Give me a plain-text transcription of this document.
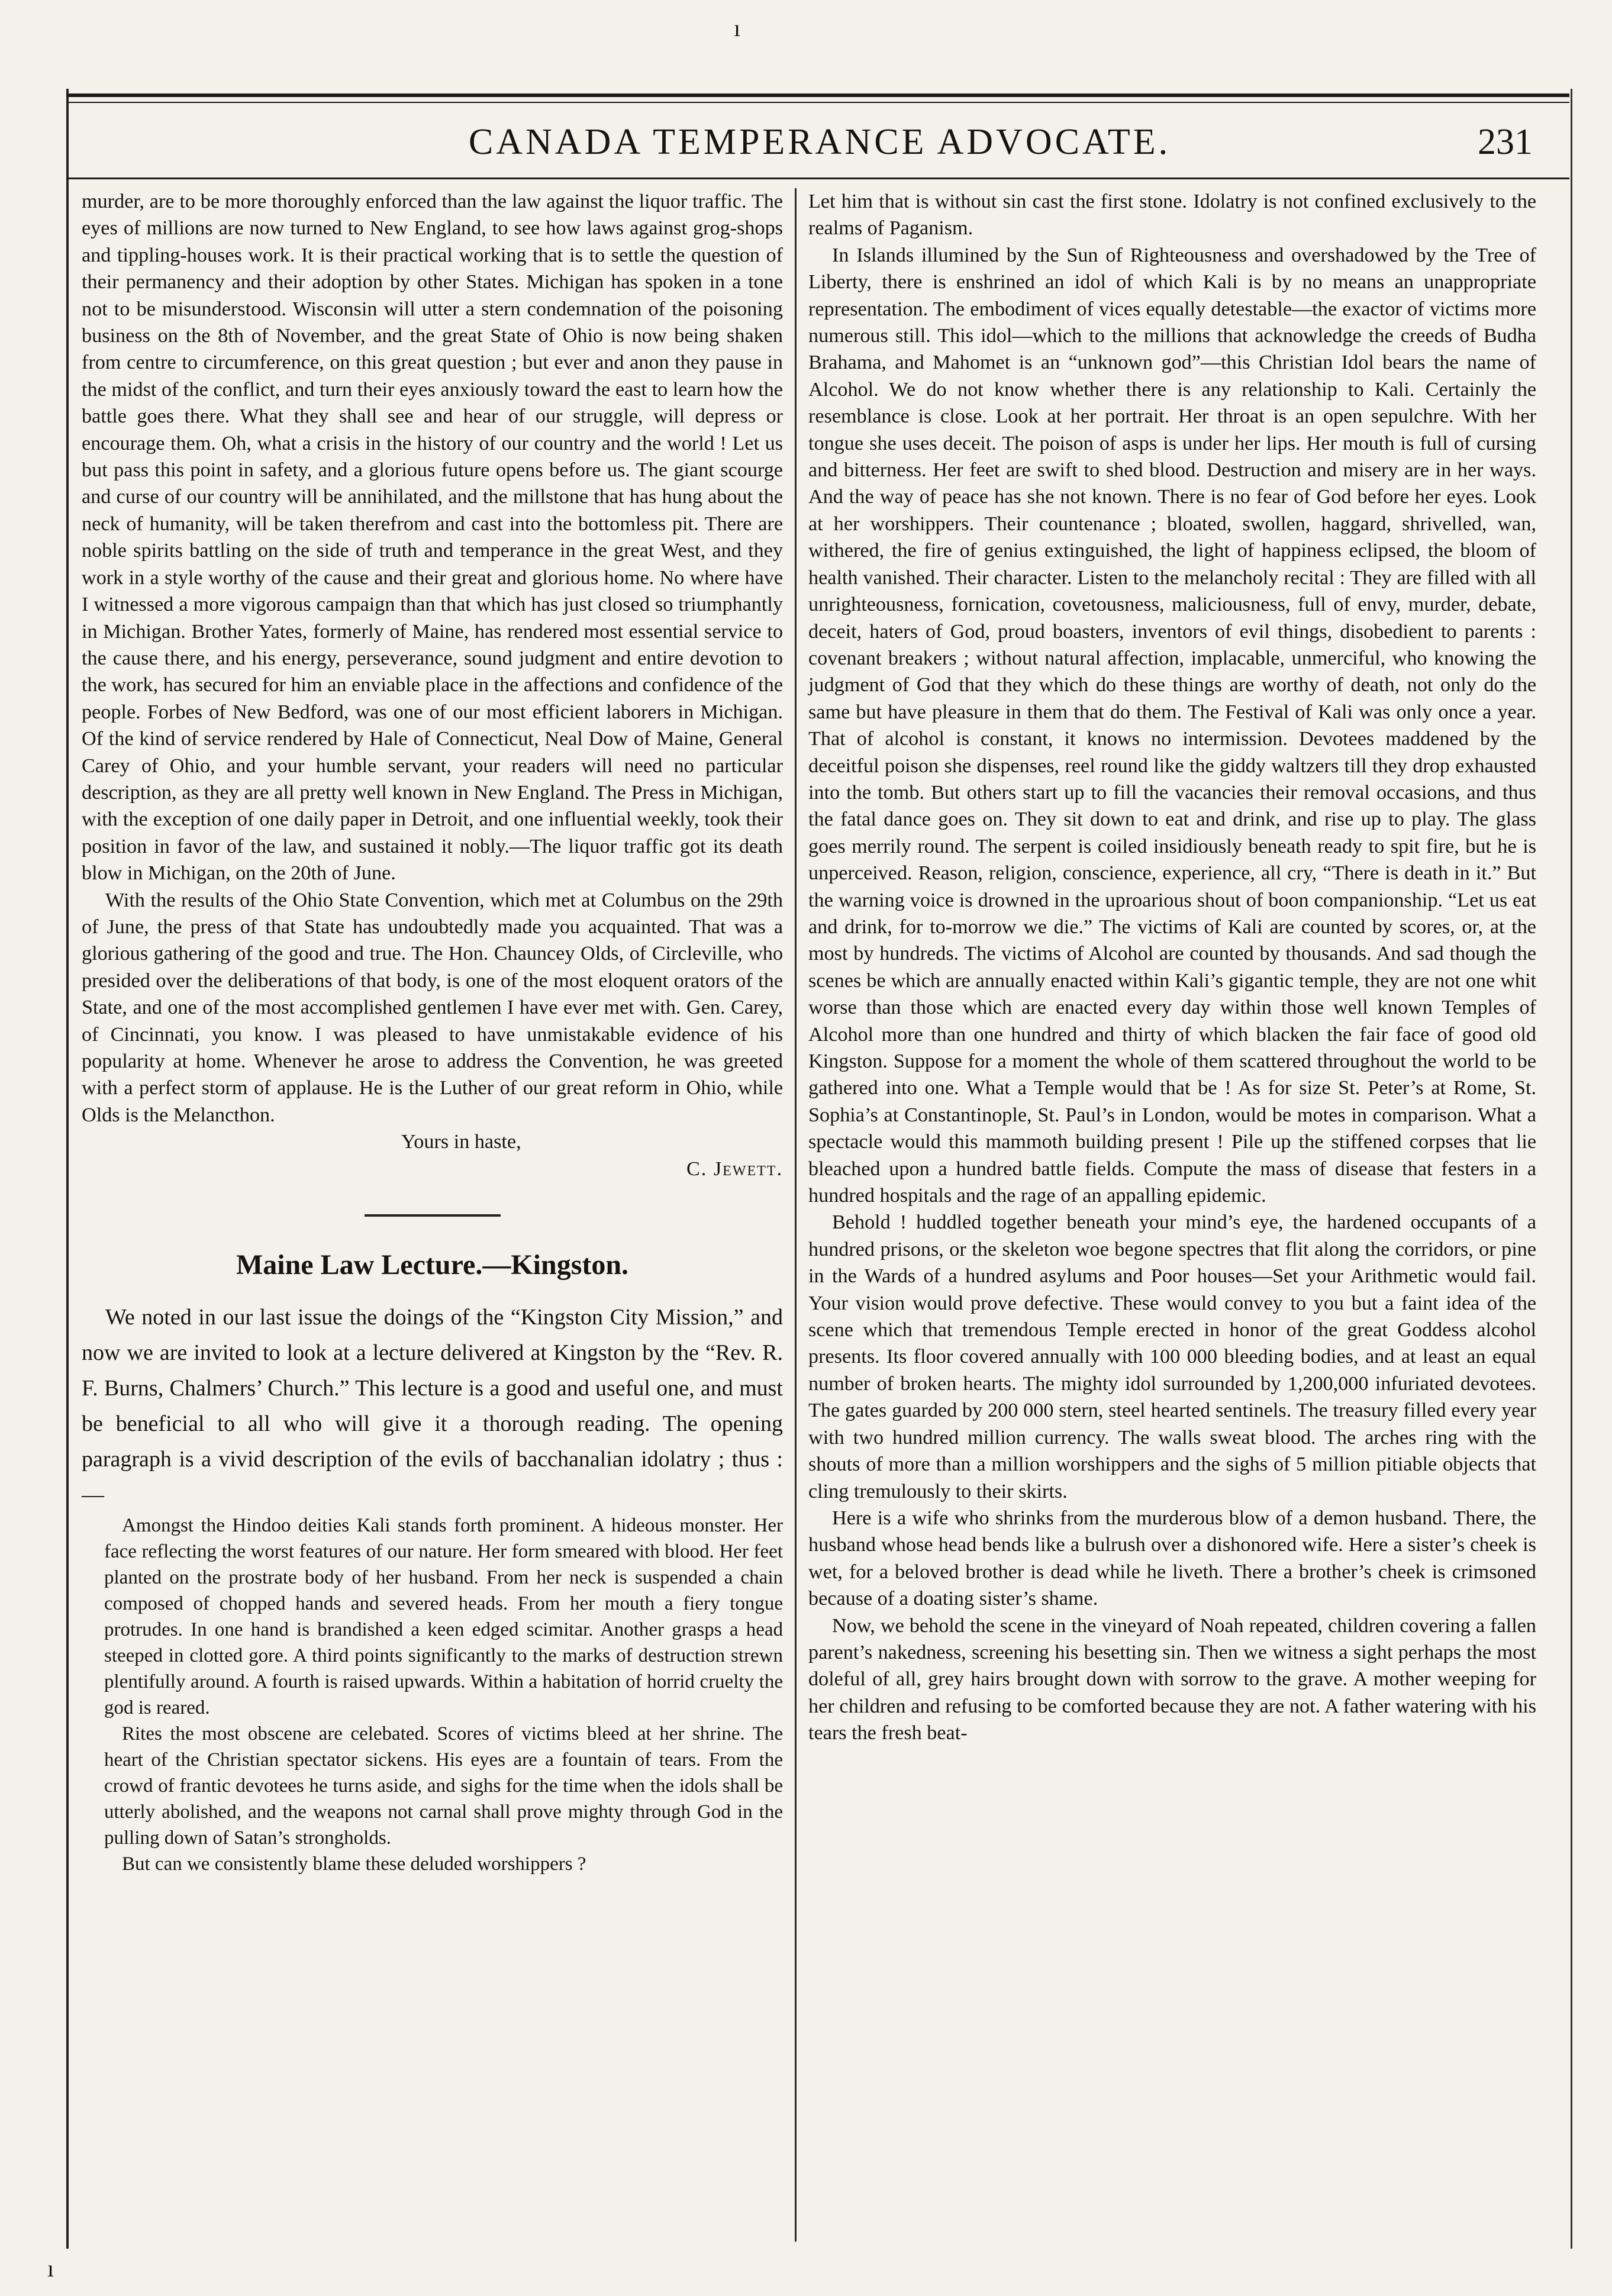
ı
CANADA TEMPERANCE ADVOCATE.	231

murder, are to be more thoroughly enforced than the law against the liquor traffic. The eyes of millions are now turned to New England, to see how laws against grog-shops and tippling-houses work. It is their practical working that is to settle the question of their permanency and their adoption by other States. Michigan has spoken in a tone not to be misunderstood. Wisconsin will utter a stern condemnation of the poisoning business on the 8th of November, and the great State of Ohio is now being shaken from centre to circumference, on this great question ; but ever and anon they pause in the midst of the conflict, and turn their eyes anxiously toward the east to learn how the battle goes there. What they shall see and hear of our struggle, will depress or encourage them. Oh, what a crisis in the history of our country and the world ! Let us but pass this point in safety, and a glorious future opens before us. The giant scourge and curse of our country will be annihilated, and the millstone that has hung about the neck of humanity, will be taken therefrom and cast into the bottomless pit. There are noble spirits battling on the side of truth and temperance in the great West, and they work in a style worthy of the cause and their great and glorious home. No where have I witnessed a more vigorous campaign than that which has just closed so triumphantly in Michigan. Brother Yates, formerly of Maine, has rendered most essential service to the cause there, and his energy, perseverance, sound judgment and entire devotion to the work, has secured for him an enviable place in the affections and confidence of the people. Forbes of New Bedford, was one of our most efficient laborers in Michigan. Of the kind of service rendered by Hale of Connecticut, Neal Dow of Maine, General Carey of Ohio, and your humble servant, your readers will need no particular description, as they are all pretty well known in New England. The Press in Michigan, with the exception of one daily paper in Detroit, and one influential weekly, took their position in favor of the law, and sustained it nobly.—The liquor traffic got its death blow in Michigan, on the 20th of June.

With the results of the Ohio State Convention, which met at Columbus on the 29th of June, the press of that State has undoubtedly made you acquainted. That was a glorious gathering of the good and true. The Hon. Chauncey Olds, of Circleville, who presided over the deliberations of that body, is one of the most eloquent orators of the State, and one of the most accomplished gentlemen I have ever met with. Gen. Carey, of Cincinnati, you know. I was pleased to have unmistakable evidence of his popularity at home. Whenever he arose to address the Convention, he was greeted with a perfect storm of applause. He is the Luther of our great reform in Ohio, while Olds is the Melancthon.

Yours in haste,

C. Jewett.

Maine Law Lecture.—Kingston.

We noted in our last issue the doings of the “Kingston City Mission,” and now we are invited to look at a lecture delivered at Kingston by the “Rev. R. F. Burns, Chalmers’ Church.” This lecture is a good and useful one, and must be beneficial to all who will give it a thorough reading. The opening paragraph is a vivid description of the evils of bacchanalian idolatry ; thus :—

Amongst the Hindoo deities Kali stands forth prominent. A hideous monster. Her face reflecting the worst features of our nature. Her form smeared with blood. Her feet planted on the prostrate body of her husband. From her neck is suspended a chain composed of chopped hands and severed heads. From her mouth a fiery tongue protrudes. In one hand is brandished a keen edged scimitar. Another grasps a head steeped in clotted gore. A third points significantly to the marks of destruction strewn plentifully around. A fourth is raised upwards. Within a habitation of horrid cruelty the god is reared.

Rites the most obscene are celebated. Scores of victims bleed at her shrine. The heart of the Christian spectator sickens. His eyes are a fountain of tears. From the crowd of frantic devotees he turns aside, and sighs for the time when the idols shall be utterly abolished, and the weapons not carnal shall prove mighty through God in the pulling down of Satan’s strongholds.

But can we consistently blame these deluded worshippers ?

Let him that is without sin cast the first stone. Idolatry is not confined exclusively to the realms of Paganism.

In Islands illumined by the Sun of Righteousness and overshadowed by the Tree of Liberty, there is enshrined an idol of which Kali is by no means an unappropriate representation. The embodiment of vices equally detestable—the exactor of victims more numerous still. This idol—which to the millions that acknowledge the creeds of Budha Brahama, and Mahomet is an “unknown god”—this Christian Idol bears the name of Alcohol. We do not know whether there is any relationship to Kali. Certainly the resemblance is close. Look at her portrait. Her throat is an open sepulchre. With her tongue she uses deceit. The poison of asps is under her lips. Her mouth is full of cursing and bitterness. Her feet are swift to shed blood. Destruction and misery are in her ways. And the way of peace has she not known. There is no fear of God before her eyes. Look at her worshippers. Their countenance ; bloated, swollen, haggard, shrivelled, wan, withered, the fire of genius extinguished, the light of happiness eclipsed, the bloom of health vanished. Their character. Listen to the melancholy recital : They are filled with all unrighteousness, fornication, covetousness, maliciousness, full of envy, murder, debate, deceit, haters of God, proud boasters, inventors of evil things, disobedient to parents : covenant breakers ; without natural affection, implacable, unmerciful, who knowing the judgment of God that they which do these things are worthy of death, not only do the same but have pleasure in them that do them. The Festival of Kali was only once a year. That of alcohol is constant, it knows no intermission. Devotees maddened by the deceitful poison she dispenses, reel round like the giddy waltzers till they drop exhausted into the tomb. But others start up to fill the vacancies their removal occasions, and thus the fatal dance goes on. They sit down to eat and drink, and rise up to play. The glass goes merrily round. The serpent is coiled insidiously beneath ready to spit fire, but he is unperceived. Reason, religion, conscience, experience, all cry, “There is death in it.” But the warning voice is drowned in the uproarious shout of boon companionship. “Let us eat and drink, for to-morrow we die.” The victims of Kali are counted by scores, or, at the most by hundreds. The victims of Alcohol are counted by thousands. And sad though the scenes be which are annually enacted within Kali’s gigantic temple, they are not one whit worse than those which are enacted every day within those well known Temples of Alcohol more than one hundred and thirty of which blacken the fair face of good old Kingston. Suppose for a moment the whole of them scattered throughout the world to be gathered into one. What a Temple would that be ! As for size St. Peter’s at Rome, St. Sophia’s at Constantinople, St. Paul’s in London, would be motes in comparison. What a spectacle would this mammoth building present ! Pile up the stiffened corpses that lie bleached upon a hundred battle fields. Compute the mass of disease that festers in a hundred hospitals and the rage of an appalling epidemic.

Behold ! huddled together beneath your mind’s eye, the hardened occupants of a hundred prisons, or the skeleton woe begone spectres that flit along the corridors, or pine in the Wards of a hundred asylums and Poor houses—Set your Arithmetic would fail. Your vision would prove defective. These would convey to you but a faint idea of the scene which that tremendous Temple erected in honor of the great Goddess alcohol presents. Its floor covered annually with 100 000 bleeding bodies, and at least an equal number of broken hearts. The mighty idol surrounded by 1,200,000 infuriated devotees. The gates guarded by 200 000 stern, steel hearted sentinels. The treasury filled every year with two hundred million currency. The walls sweat blood. The arches ring with the shouts of more than a million worshippers and the sighs of 5 million pitiable objects that cling tremulously to their skirts.

Here is a wife who shrinks from the murderous blow of a demon husband. There, the husband whose head bends like a bulrush over a dishonored wife. Here a sister’s cheek is wet, for a beloved brother is dead while he liveth. There a brother’s cheek is crimsoned because of a doating sister’s shame.

Now, we behold the scene in the vineyard of Noah repeated, children covering a fallen parent’s nakedness, screening his besetting sin. Then we witness a sight perhaps the most doleful of all, grey hairs brought down with sorrow to the grave. A mother weeping for her children and refusing to be comforted because they are not. A father watering with his tears the fresh beat-

ı
